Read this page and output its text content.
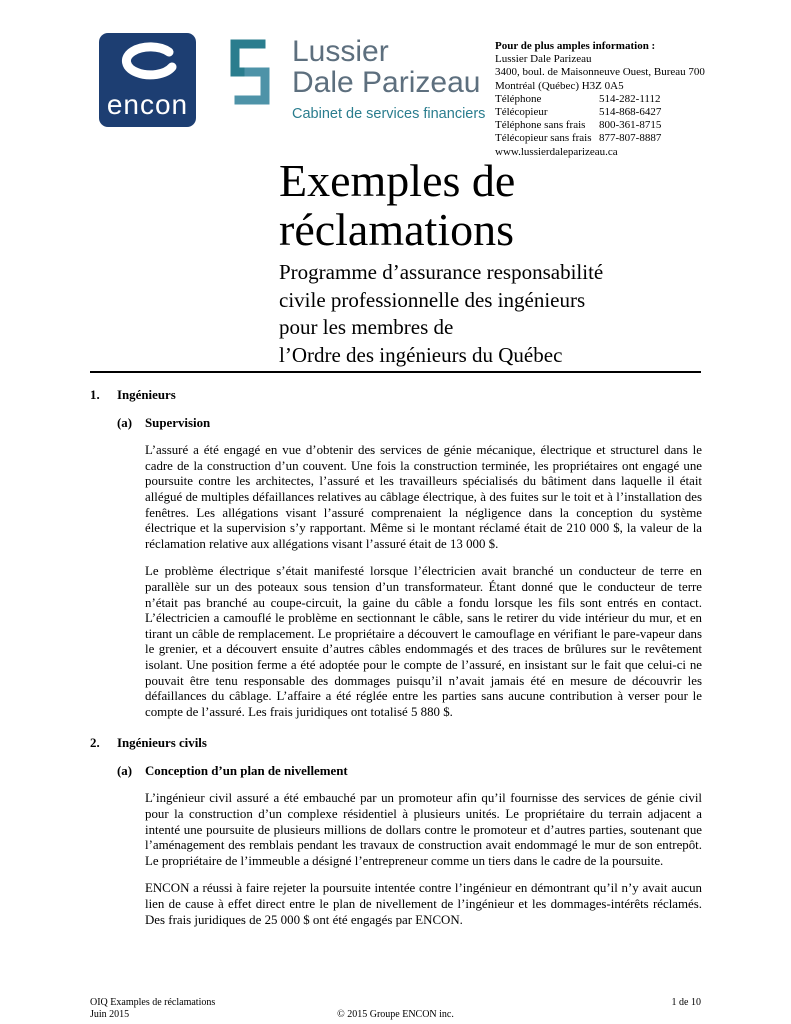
encon
Lussier
Dale Parizeau
Cabinet de services financiers
Pour de plus amples information :
Lussier Dale Parizeau
3400, boul. de Maisonneuve Ouest, Bureau 700
Montréal (Québec) H3Z 0A5
Téléphone	514-282-1112
Télécopieur	514-868-6427
Téléphone sans frais 800-361-8715
Télécopieur sans frais 877-807-8887
www.lussierdaleparizeau.ca
Exemples de
réclamations
Programme d’assurance responsabilité
civile professionnelle des ingénieurs
pour les membres de
l’Ordre des ingénieurs du Québec
1.	Ingénieurs
(a)	Supervision

L’assuré a été engagé en vue d’obtenir des services de génie mécanique, électrique et structurel dans le cadre de la construction d’un couvent. Une fois la construction terminée, les propriétaires ont engagé une poursuite contre les architectes, l’assuré et les travailleurs spécialisés du bâtiment dans laquelle il était allégué de multiples défaillances relatives au câblage électrique, à des fuites sur le toit et à l’installation des fenêtres. Les allégations visant l’assuré comprenaient la négligence dans la conception du système électrique et la supervision s’y rapportant. Même si le montant réclamé était de 210 000 $, la valeur de la réclamation relative aux allégations visant l’assuré était de 13 000 $.

Le problème électrique s’était manifesté lorsque l’électricien avait branché un conducteur de terre en parallèle sur un des poteaux sous tension d’un transformateur. Étant donné que le conducteur de terre n’était pas branché au coupe-circuit, la gaine du câble a fondu lorsque les fils sont entrés en contact. L’électricien a camouflé le problème en sectionnant le câble, sans le retirer du vide intérieur du mur, et en tirant un câble de remplacement. Le propriétaire a découvert le camouflage en vérifiant le pare-vapeur dans le grenier, et a découvert ensuite d’autres câbles endommagés et des traces de brûlures sur le revêtement isolant. Une position ferme a été adoptée pour le compte de l’assuré, en insistant sur le fait que celui-ci ne pouvait être tenu responsable des dommages puisqu’il n’avait jamais été en mesure de découvrir les défaillances du câblage. L’affaire a été réglée entre les parties sans aucune contribution à verser pour le compte de l’assuré. Les frais juridiques ont totalisé 5 880 $.

2.	Ingénieurs civils
(a)	Conception d’un plan de nivellement

L’ingénieur civil assuré a été embauché par un promoteur afin qu’il fournisse des services de génie civil pour la construction d’un complexe résidentiel à plusieurs unités. Le propriétaire du terrain adjacent a intenté une poursuite de plusieurs millions de dollars contre le promoteur et d’autres parties, soutenant que l’aménagement des remblais pendant les travaux de construction avait endommagé le mur de son entrepôt. Le propriétaire de l’immeuble a désigné l’entrepreneur comme un tiers dans le cadre de la poursuite.

ENCON a réussi à faire rejeter la poursuite intentée contre l’ingénieur en démontrant qu’il n’y avait aucun lien de cause à effet direct entre le plan de nivellement de l’ingénieur et les dommages-intérêts réclamés. Des frais juridiques de 25 000 $ ont été engagés par ENCON.

OIQ Examples de réclamations
Juin 2015	© 2015 Groupe ENCON inc.
1 de 10
